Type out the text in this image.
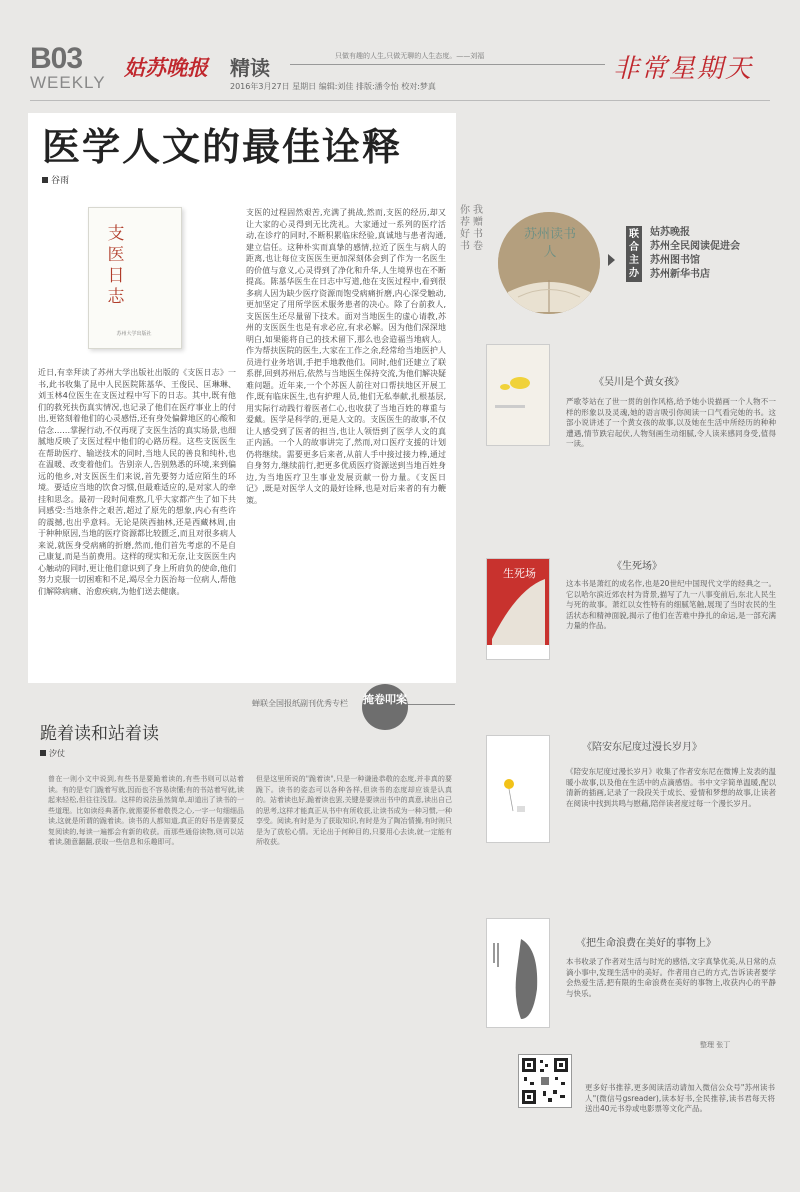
B03
WEEKLY
姑苏晚报 精读	只做有趣的人生,只做无聊的人生态度。——刘福
2016年3月27日 星期日 编辑:刘佳 排版:潘令怡 校对:梦真
非常星期天
医学人文的最佳诠释
谷雨
支医日志
苏州大学出版社

近日,有幸拜读了苏州大学出版社出版的《支医日志》一书,此书收集了昆中人民医院陈基华、王俊民、匡琳琳、刘玉林4位医生在支医过程中写下的日志。其中,既有他们的救死扶伤真实情况,也记录了他们在医疗事业上的付出,更铭刻着他们的心灵感悟,还有身处偏僻地区的心酸和信念……掌握行动,不仅再现了支医生活的真实场景,也细腻地反映了支医过程中他们的心路历程。这些支医医生在帮助医疗、输送技术的同时,当地人民的善良和纯朴,也在温暖、改变着他们。告别亲人,告别熟悉的环境,来到偏远的他乡,对支医医生们来说,首先要努力适应陌生的环境。要适应当地的饮食习惯,但最难适应的,是对家人的牵挂和思念。最初一段时间难熬,几乎大家都产生了如下共同感受:当地条件之艰苦,超过了原先的想象,内心有些许的震撼,也出乎意料。无论是陕西抽林,还是西藏林周,由于种种原因,当地的医疗资源都比较匮乏,而且对很多病人来说,就医身受病痛的折磨,然而,他们首先考虑的不是自己康复,而是当前费用。这样的现实和无奈,让支医医生内心触动的同时,更让他们意识到了身上所肩负的使命,他们努力克服一切困难和不足,竭尽全力医治每一位病人,帮他们解除病痛、治愈疾病,为他们送去健康。

支医的过程固然艰苦,充满了挑战,然而,支医的经历,却又让大家的心灵得到无比洗礼。大家通过一系列的医疗活动,在诊疗的同时,不断积累临床经验,真诚地与患者沟通,建立信任。这种朴实而真挚的感情,拉近了医生与病人的距离,也让每位支医医生更加深刻体会到了作为一名医生的价值与意义,心灵得到了净化和升华,人生境界也在不断提高。陈基华医生在日志中写道,他在支医过程中,看到很多病人因为缺少医疗资源而饱受病痛折磨,内心深受触动,更加坚定了用所学医术服务患者的决心。除了台前救人,支医医生还尽量留下技术。面对当地医生的虚心请教,苏州的支医医生也是有求必应,有求必解。因为他们深深地明白,如果能将自己的技术留下,那么也会造福当地病人。作为帮扶医院的医生,大家在工作之余,经常给当地医护人员进行业务培训,手把手地教他们。同时,他们还建立了联系群,回到苏州后,依然与当地医生保持交流,为他们解决疑难问题。近年来,一个个苏医人前往对口帮扶地区开展工作,既有临床医生,也有护理人员,他们无私奉献,扎根基层,用实际行动践行着医者仁心,也收获了当地百姓的尊重与爱戴。医学是科学的,更是人文的。支医医生的故事,不仅让人感受到了医者的担当,也让人领悟到了医学人文的真正内涵。一个人的故事讲完了,然而,对口医疗支援的计划仍将继续。需要更多后来者,从前人手中接过接力棒,通过自身努力,继续前行,把更多优质医疗资源送到当地百姓身边,为当地医疗卫生事业发展贡献一份力量。《支医日记》,既是对医学人文的最好诠释,也是对后来者的有力鞭策。

你荐好书
我赠书卷
苏州读书人
联合主办
姑苏晚报
苏州全民阅读促进会
苏州图书馆
苏州新华书店
《吴川是个黄女孩》

严歌苓站在了世一贯的创作风格,给予她小说描画一个人物不一样的形象以及灵魂,她的语言吸引你阅读一口气看完她的书。这部小说讲述了一个黄女孩的故事,以及她在生活中所经历的种种遭遇,情节跌宕起伏,人物刻画生动细腻,令人读来感同身受,值得一读。

生死场
《生死场》

这本书是萧红的成名作,也是20世纪中国现代文学的经典之一。它以哈尔滨近郊农村为背景,描写了九一八事变前后,东北人民生与死的故事。萧红以女性特有的细腻笔触,展现了当时农民的生活状态和精神面貌,揭示了他们在苦难中挣扎的命运,是一部充满力量的作品。

《陪安东尼度过漫长岁月》

《陪安东尼度过漫长岁月》收集了作者安东尼在微博上发表的温暖小故事,以及他在生活中的点滴感悟。书中文字简单温暖,配以清新的插画,记录了一段段关于成长、爱情和梦想的故事,让读者在阅读中找到共鸣与慰藉,陪伴读者度过每一个漫长岁月。

《把生命浪费在美好的事物上》

本书收录了作者对生活与时光的感悟,文字真挚优美,从日常的点滴小事中,发现生活中的美好。作者用自己的方式,告诉读者要学会热爱生活,把有限的生命浪费在美好的事物上,收获内心的平静与快乐。

整理 张丁

更多好书推荐,更多阅读活动请加入微信公众号"苏州读书人"(微信号gsreader),读本好书,全民推荐,读书君每天将送出40元书券或电影票等文化产品。

蝉联全国报纸副刊优秀专栏 掩卷叩案
跪着读和站着读
汐仗

曾在一则小文中说到,有些书是要跪着读的,有些书则可以站着读。有的是专门跪着写就,因而也不容易读懂;有的书站着写就,读起来轻松,但往往浅显。这样的说法虽然简单,却道出了读书的一些道理。比如读经典著作,就需要怀着敬畏之心,一字一句细细品读,这就是所谓的跪着读。读书的人都知道,真正的好书是需要反复阅读的,每读一遍都会有新的收获。而那些通俗读物,则可以站着读,随意翻翻,获取一些信息和乐趣即可。

但是这里所说的"跪着读",只是一种谦逊恭敬的态度,并非真的要跪下。读书的姿态可以各种各样,但读书的态度却应该是认真的。站着读也好,跪着读也罢,关键是要读出书中的真意,读出自己的思考,这样才能真正从书中有所收获,让读书成为一种习惯,一种享受。阅读,有时是为了获取知识,有时是为了陶冶情操,有时则只是为了放松心情。无论出于何种目的,只要用心去读,就一定能有所收获。
